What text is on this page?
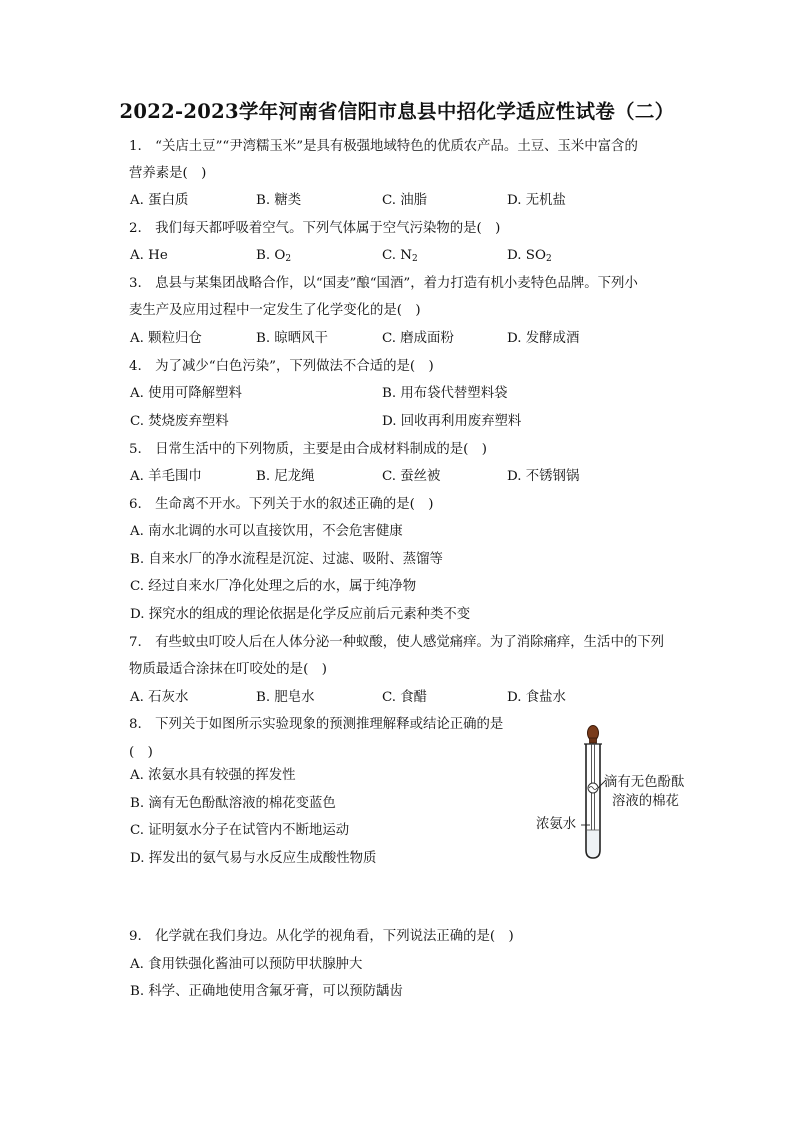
2022-2023学年河南省信阳市息县中招化学适应性试卷（二）
1.　“关店土豆”“尹湾糯玉米”是具有极强地域特色的优质农产品。土豆、玉米中富含的
营养素是(　)
A. 蛋白质	B. 糖类	C. 油脂	D. 无机盐
2.　我们每天都呼吸着空气。下列气体属于空气污染物的是(　)
A. He	B. $O_2$	C. $N_2$	D. $SO_2$
3.　息县与某集团战略合作，以“国麦”酿“国酒”，着力打造有机小麦特色品牌。下列小
麦生产及应用过程中一定发生了化学变化的是(　)
A. 颗粒归仓	B. 晾晒风干	C. 磨成面粉	D. 发酵成酒
4.　为了减少“白色污染”，下列做法不合适的是(　)
A. 使用可降解塑料	B. 用布袋代替塑料袋
C. 焚烧废弃塑料	D. 回收再利用废弃塑料
5.　日常生活中的下列物质，主要是由合成材料制成的是(　)
A. 羊毛围巾	B. 尼龙绳	C. 蚕丝被	D. 不锈钢锅
6.　生命离不开水。下列关于水的叙述正确的是(　)
A. 南水北调的水可以直接饮用，不会危害健康
B. 自来水厂的净水流程是沉淀、过滤、吸附、蒸馏等
C. 经过自来水厂净化处理之后的水，属于纯净物
D. 探究水的组成的理论依据是化学反应前后元素种类不变
7.　有些蚊虫叮咬人后在人体分泌一种蚁酸，使人感觉痛痒。为了消除痛痒，生活中的下列
物质最适合涂抹在叮咬处的是(　)
A. 石灰水	B. 肥皂水	C. 食醋	D. 食盐水
8.　下列关于如图所示实验现象的预测推理解释或结论正确的是
(　)
A. 浓氨水具有较强的挥发性
B. 滴有无色酚酞溶液的棉花变蓝色
C. 证明氨水分子在试管内不断地运动
D. 挥发出的氨气易与水反应生成酸性物质
滴有无色酚酞
溶液的棉花
浓氨水
9.　化学就在我们身边。从化学的视角看，下列说法正确的是(　)
A. 食用铁强化酱油可以预防甲状腺肿大
B. 科学、正确地使用含氟牙膏，可以预防龋齿
